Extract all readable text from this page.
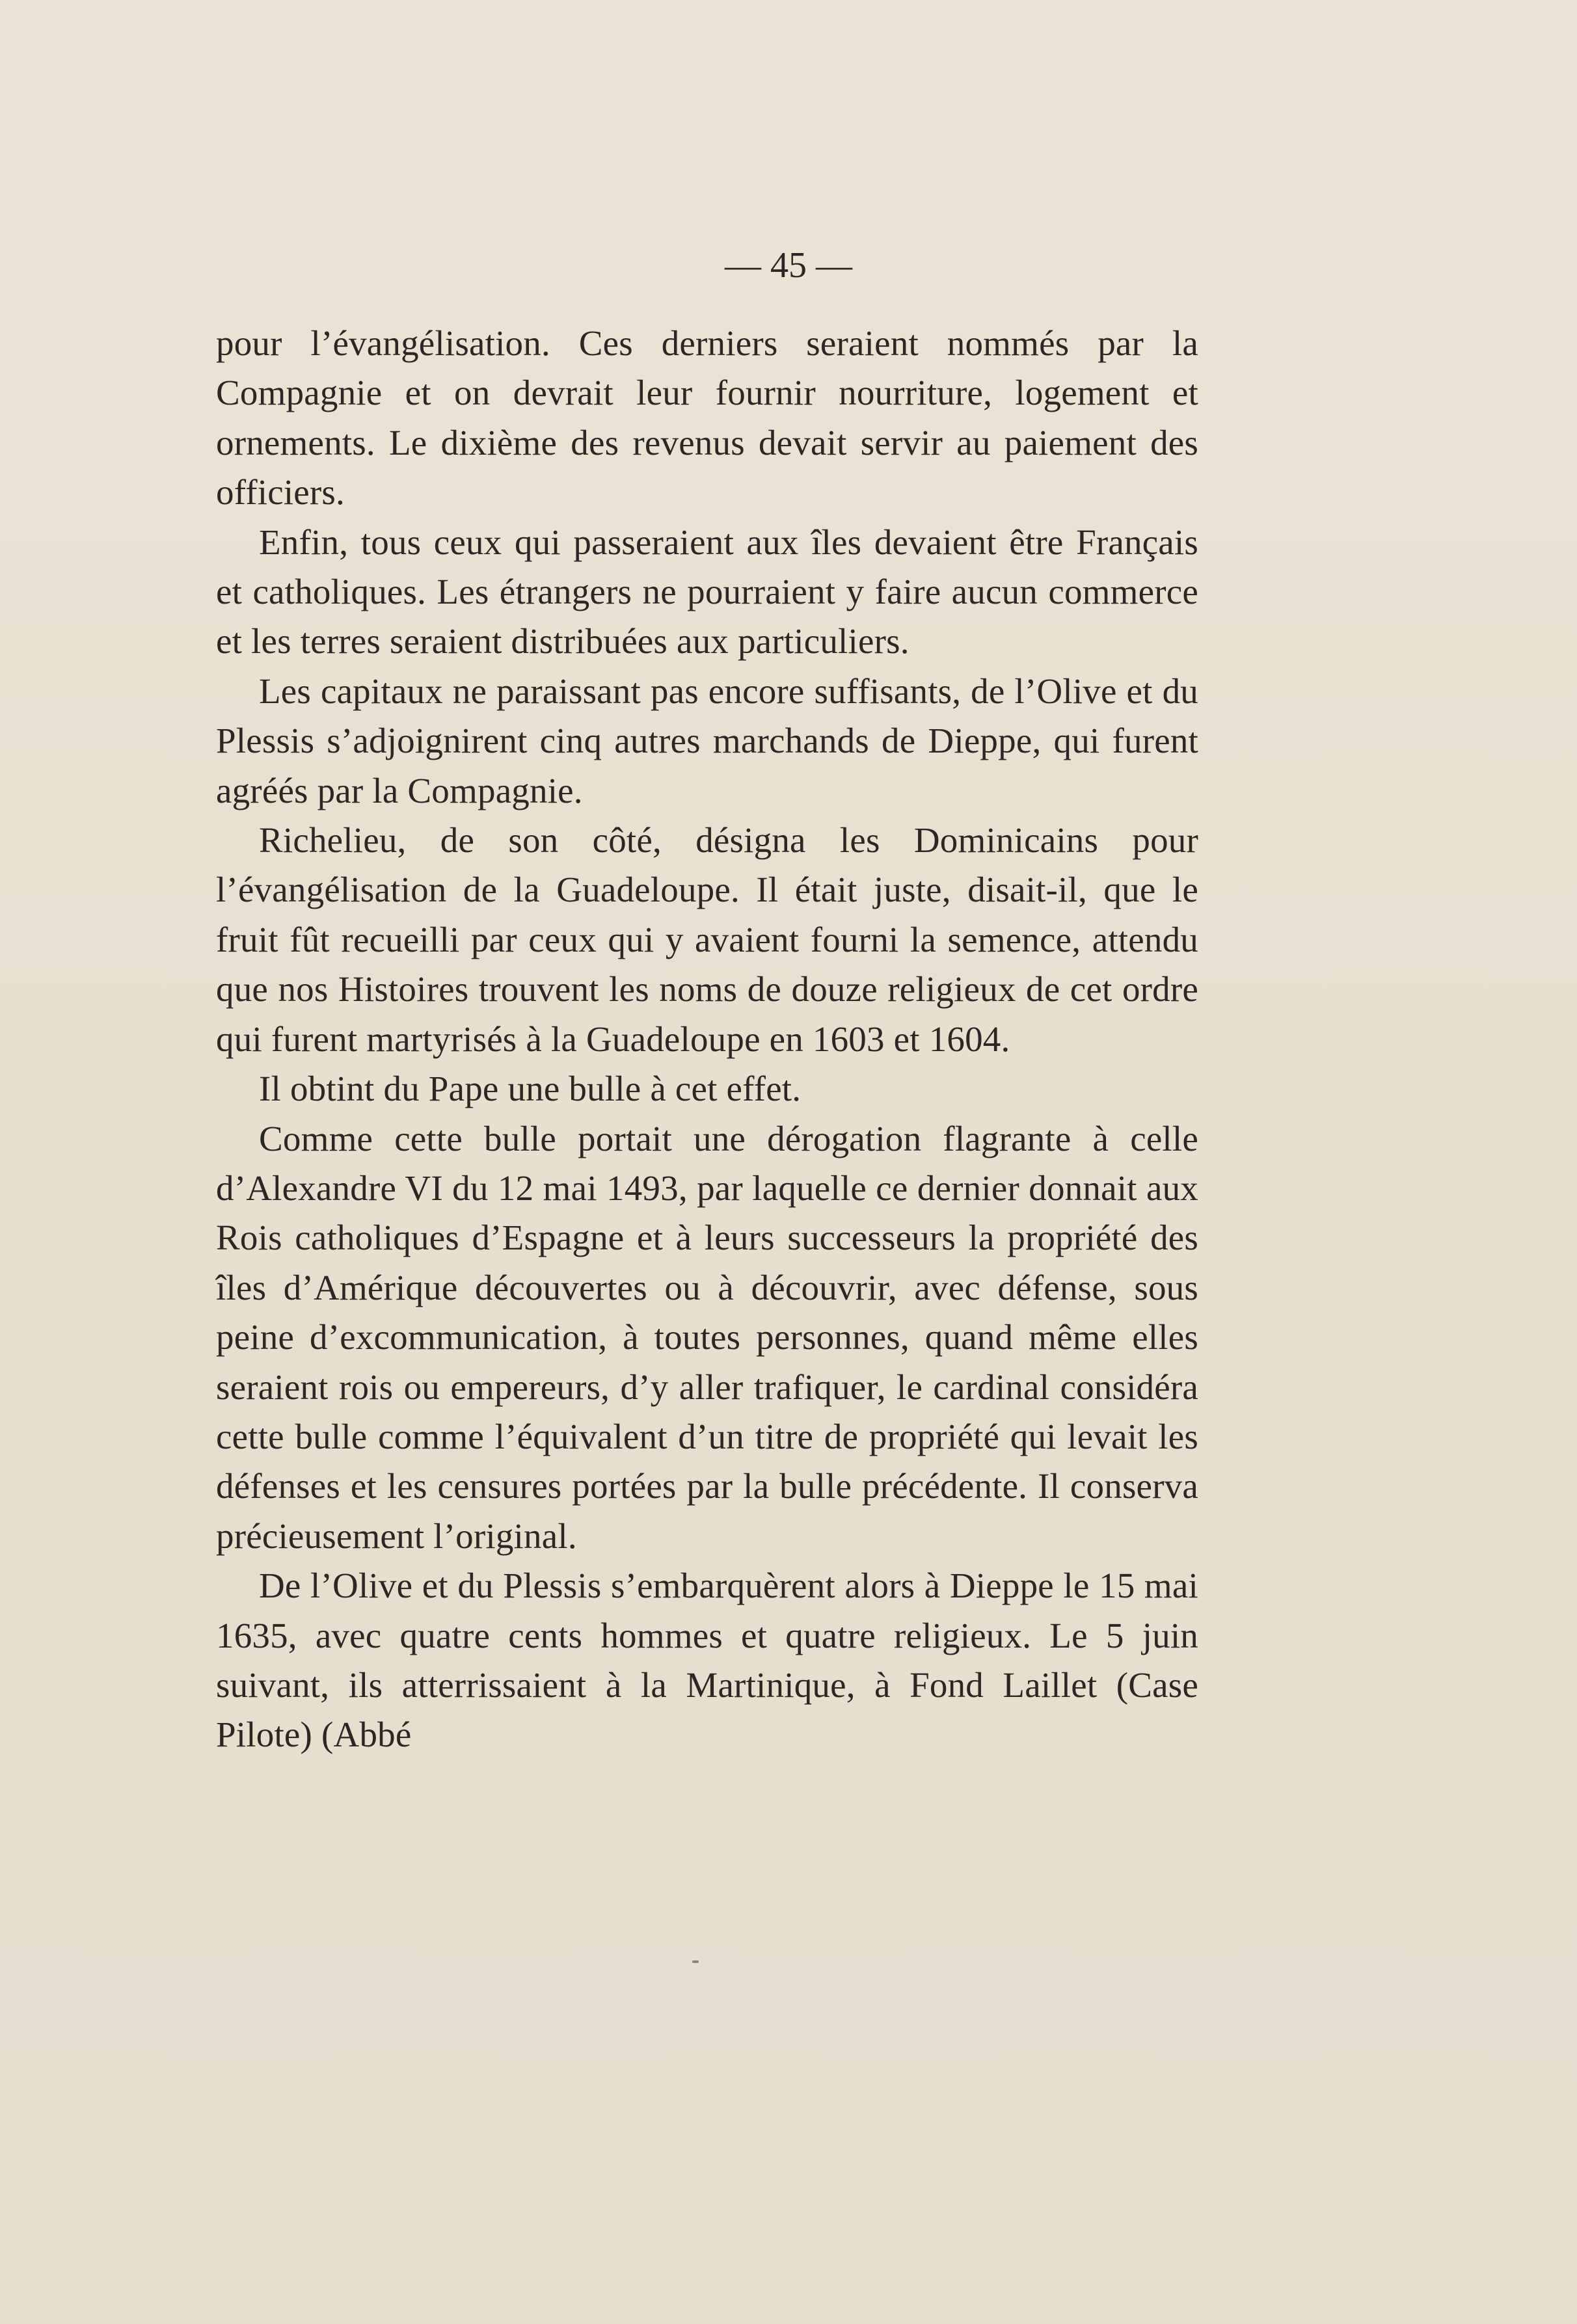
— 45 —

pour l’évangélisation. Ces derniers seraient nommés par la Compagnie et on devrait leur fournir nourriture, logement et ornements. Le dixième des revenus devait servir au paiement des officiers.

Enfin, tous ceux qui passeraient aux îles devaient être Français et catholiques. Les étrangers ne pourraient y faire aucun commerce et les terres seraient distribuées aux particuliers.

Les capitaux ne paraissant pas encore suffisants, de l’Olive et du Plessis s’adjoignirent cinq autres marchands de Dieppe, qui furent agréés par la Compagnie.

Richelieu, de son côté, désigna les Dominicains pour l’évangélisation de la Guadeloupe. Il était juste, disait-il, que le fruit fût recueilli par ceux qui y avaient fourni la semence, attendu que nos Histoires trouvent les noms de douze religieux de cet ordre qui furent martyrisés à la Guadeloupe en 1603 et 1604.

Il obtint du Pape une bulle à cet effet.

Comme cette bulle portait une dérogation flagrante à celle d’Alexandre VI du 12 mai 1493, par laquelle ce dernier donnait aux Rois catholiques d’Espagne et à leurs successeurs la propriété des îles d’Amérique découvertes ou à découvrir, avec défense, sous peine d’excommunication, à toutes personnes, quand même elles seraient rois ou empereurs, d’y aller trafiquer, le cardinal considéra cette bulle comme l’équivalent d’un titre de propriété qui levait les défenses et les censures portées par la bulle précédente. Il conserva précieusement l’original.

De l’Olive et du Plessis s’embarquèrent alors à Dieppe le 15 mai 1635, avec quatre cents hommes et quatre religieux. Le 5 juin suivant, ils atterrissaient à la Martinique, à Fond Laillet (Case Pilote) (Abbé
